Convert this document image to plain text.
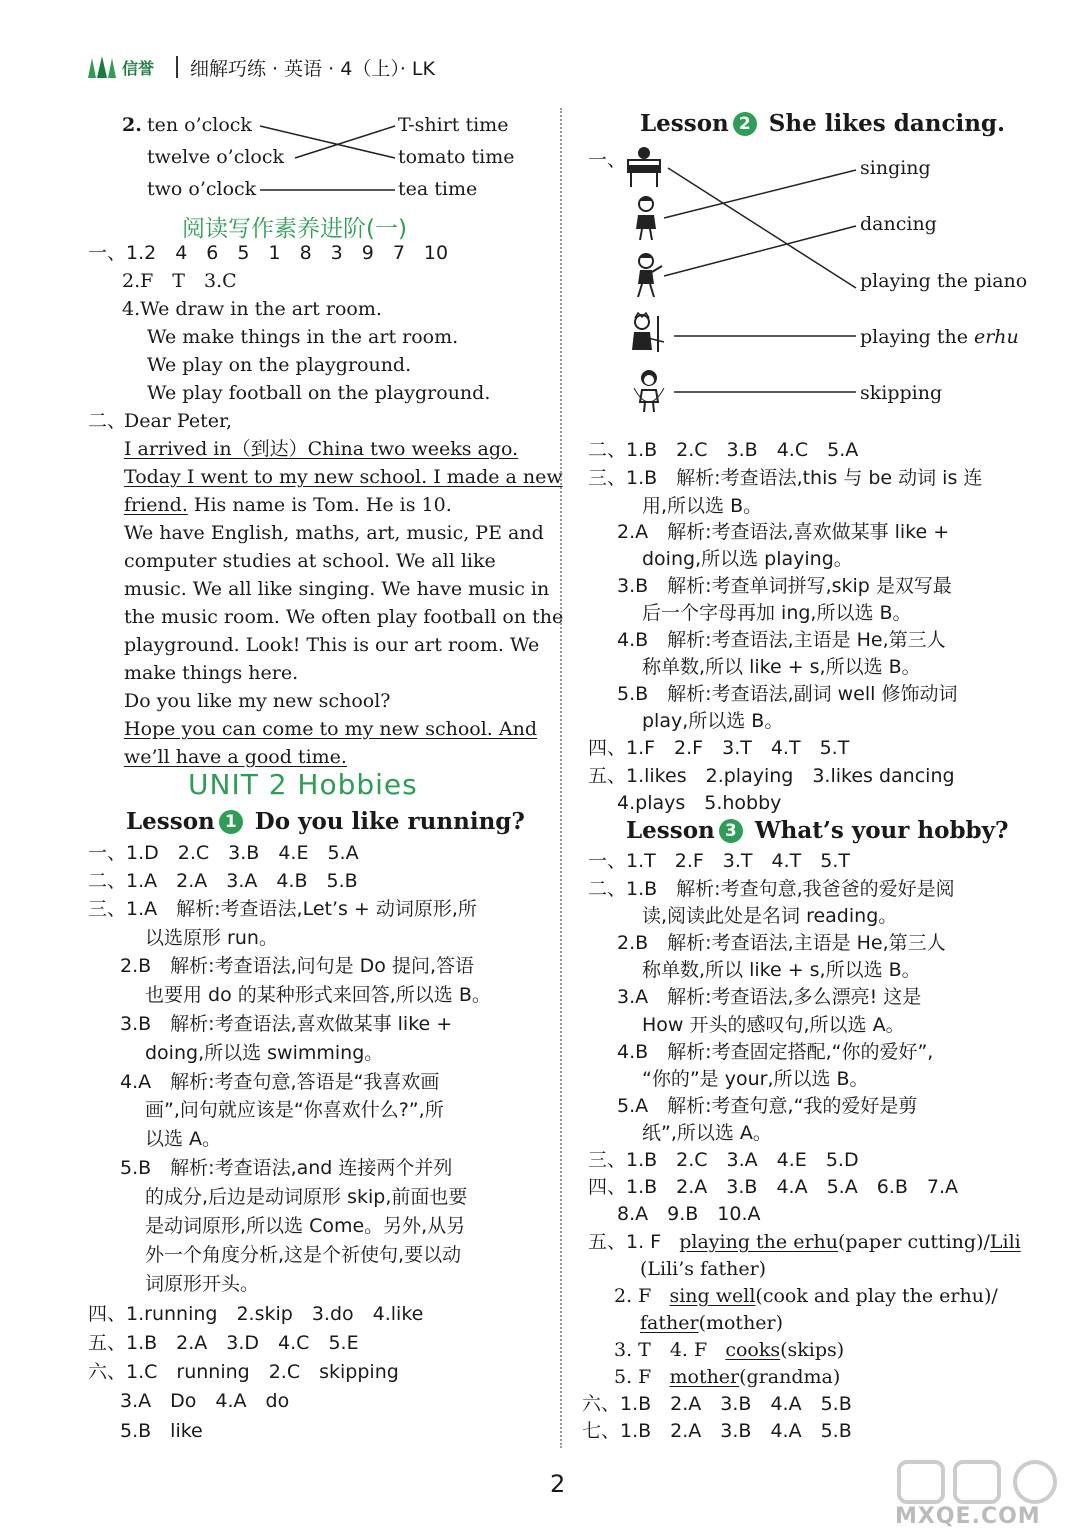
信誉 细解巧练 · 英语 · 4（上）· LK
2. ten o’clock
twelve o’clock
two o’clock
T-shirt time
tomato time
tea time
阅读写作素养进阶(一)
一、1.2　4　6　5　1　8　3　9　7　10
2.F　T　3.C
4.We draw in the art room.
We make things in the art room.
We play on the playground.
We play football on the playground.
二、
Dear Peter,
I arrived in（到达）China two weeks ago.
Today I went to my new school. I made a new
friend. His name is Tom. He is 10.
We have English, maths, art, music, PE and
computer studies at school. We all like
music. We all like singing. We have music in
the music room. We often play football on the
playground. Look! This is our art room. We
make things here.
Do you like my new school?
Hope you can come to my new school. And
we’ll have a good time.
UNIT 2 Hobbies
Lesson 1 Do you like running?
一、1.D　2.C　3.B　4.E　5.A
二、1.A　2.A　3.A　4.B　5.B
三、1.A　解析:考查语法,Let’s + 动词原形,所
以选原形 run。
2.B　解析:考查语法,问句是 Do 提问,答语
也要用 do 的某种形式来回答,所以选 B。
3.B　解析:考查语法,喜欢做某事 like +
doing,所以选 swimming。
4.A　解析:考查句意,答语是“我喜欢画
画”,问句就应该是“你喜欢什么?”,所
以选 A。
5.B　解析:考查语法,and 连接两个并列
的成分,后边是动词原形 skip,前面也要
是动词原形,所以选 Come。另外,从另
外一个角度分析,这是个祈使句,要以动
词原形开头。
四、1.running　2.skip　3.do　4.like
五、1.B　2.A　3.D　4.C　5.E
六、1.C　running　2.C　skipping
3.A　Do　4.A　do
5.B　like
Lesson 2 She likes dancing.
一、	singing
dancing
playing the piano
playing the erhu
skipping
二、1.B　2.C　3.B　4.C　5.A
三、1.B　解析:考查语法,this 与 be 动词 is 连
用,所以选 B。
2.A　解析:考查语法,喜欢做某事 like +
doing,所以选 playing。
3.B　解析:考查单词拼写,skip 是双写最
后一个字母再加 ing,所以选 B。
4.B　解析:考查语法,主语是 He,第三人
称单数,所以 like + s,所以选 B。
5.B　解析:考查语法,副词 well 修饰动词
play,所以选 B。
四、1.F　2.F　3.T　4.T　5.T
五、1.likes　2.playing　3.likes dancing
4.plays　5.hobby
Lesson 3 What’s your hobby?
一、1.T　2.F　3.T　4.T　5.T
二、1.B　解析:考查句意,我爸爸的爱好是阅
读,阅读此处是名词 reading。
2.B　解析:考查语法,主语是 He,第三人
称单数,所以 like + s,所以选 B。
3.A　解析:考查语法,多么漂亮! 这是
How 开头的感叹句,所以选 A。
4.B　解析:考查固定搭配,“你的爱好”,
“你的”是 your,所以选 B。
5.A　解析:考查句意,“我的爱好是剪
纸”,所以选 A。
三、1.B　2.C　3.A　4.E　5.D
四、1.B　2.A　3.B　4.A　5.A　6.B　7.A
8.A　9.B　10.A
五、1. F playing the erhu(paper cutting)/Lili
(Lili’s father)
2. F sing well(cook and play the erhu)/
father(mother)
3. T　4. F cooks(skips)
5. F mother(grandma)
六、1.B　2.A　3.B　4.A　5.B
七、1.B　2.A　3.B　4.A　5.B
2
MXQE.COM
